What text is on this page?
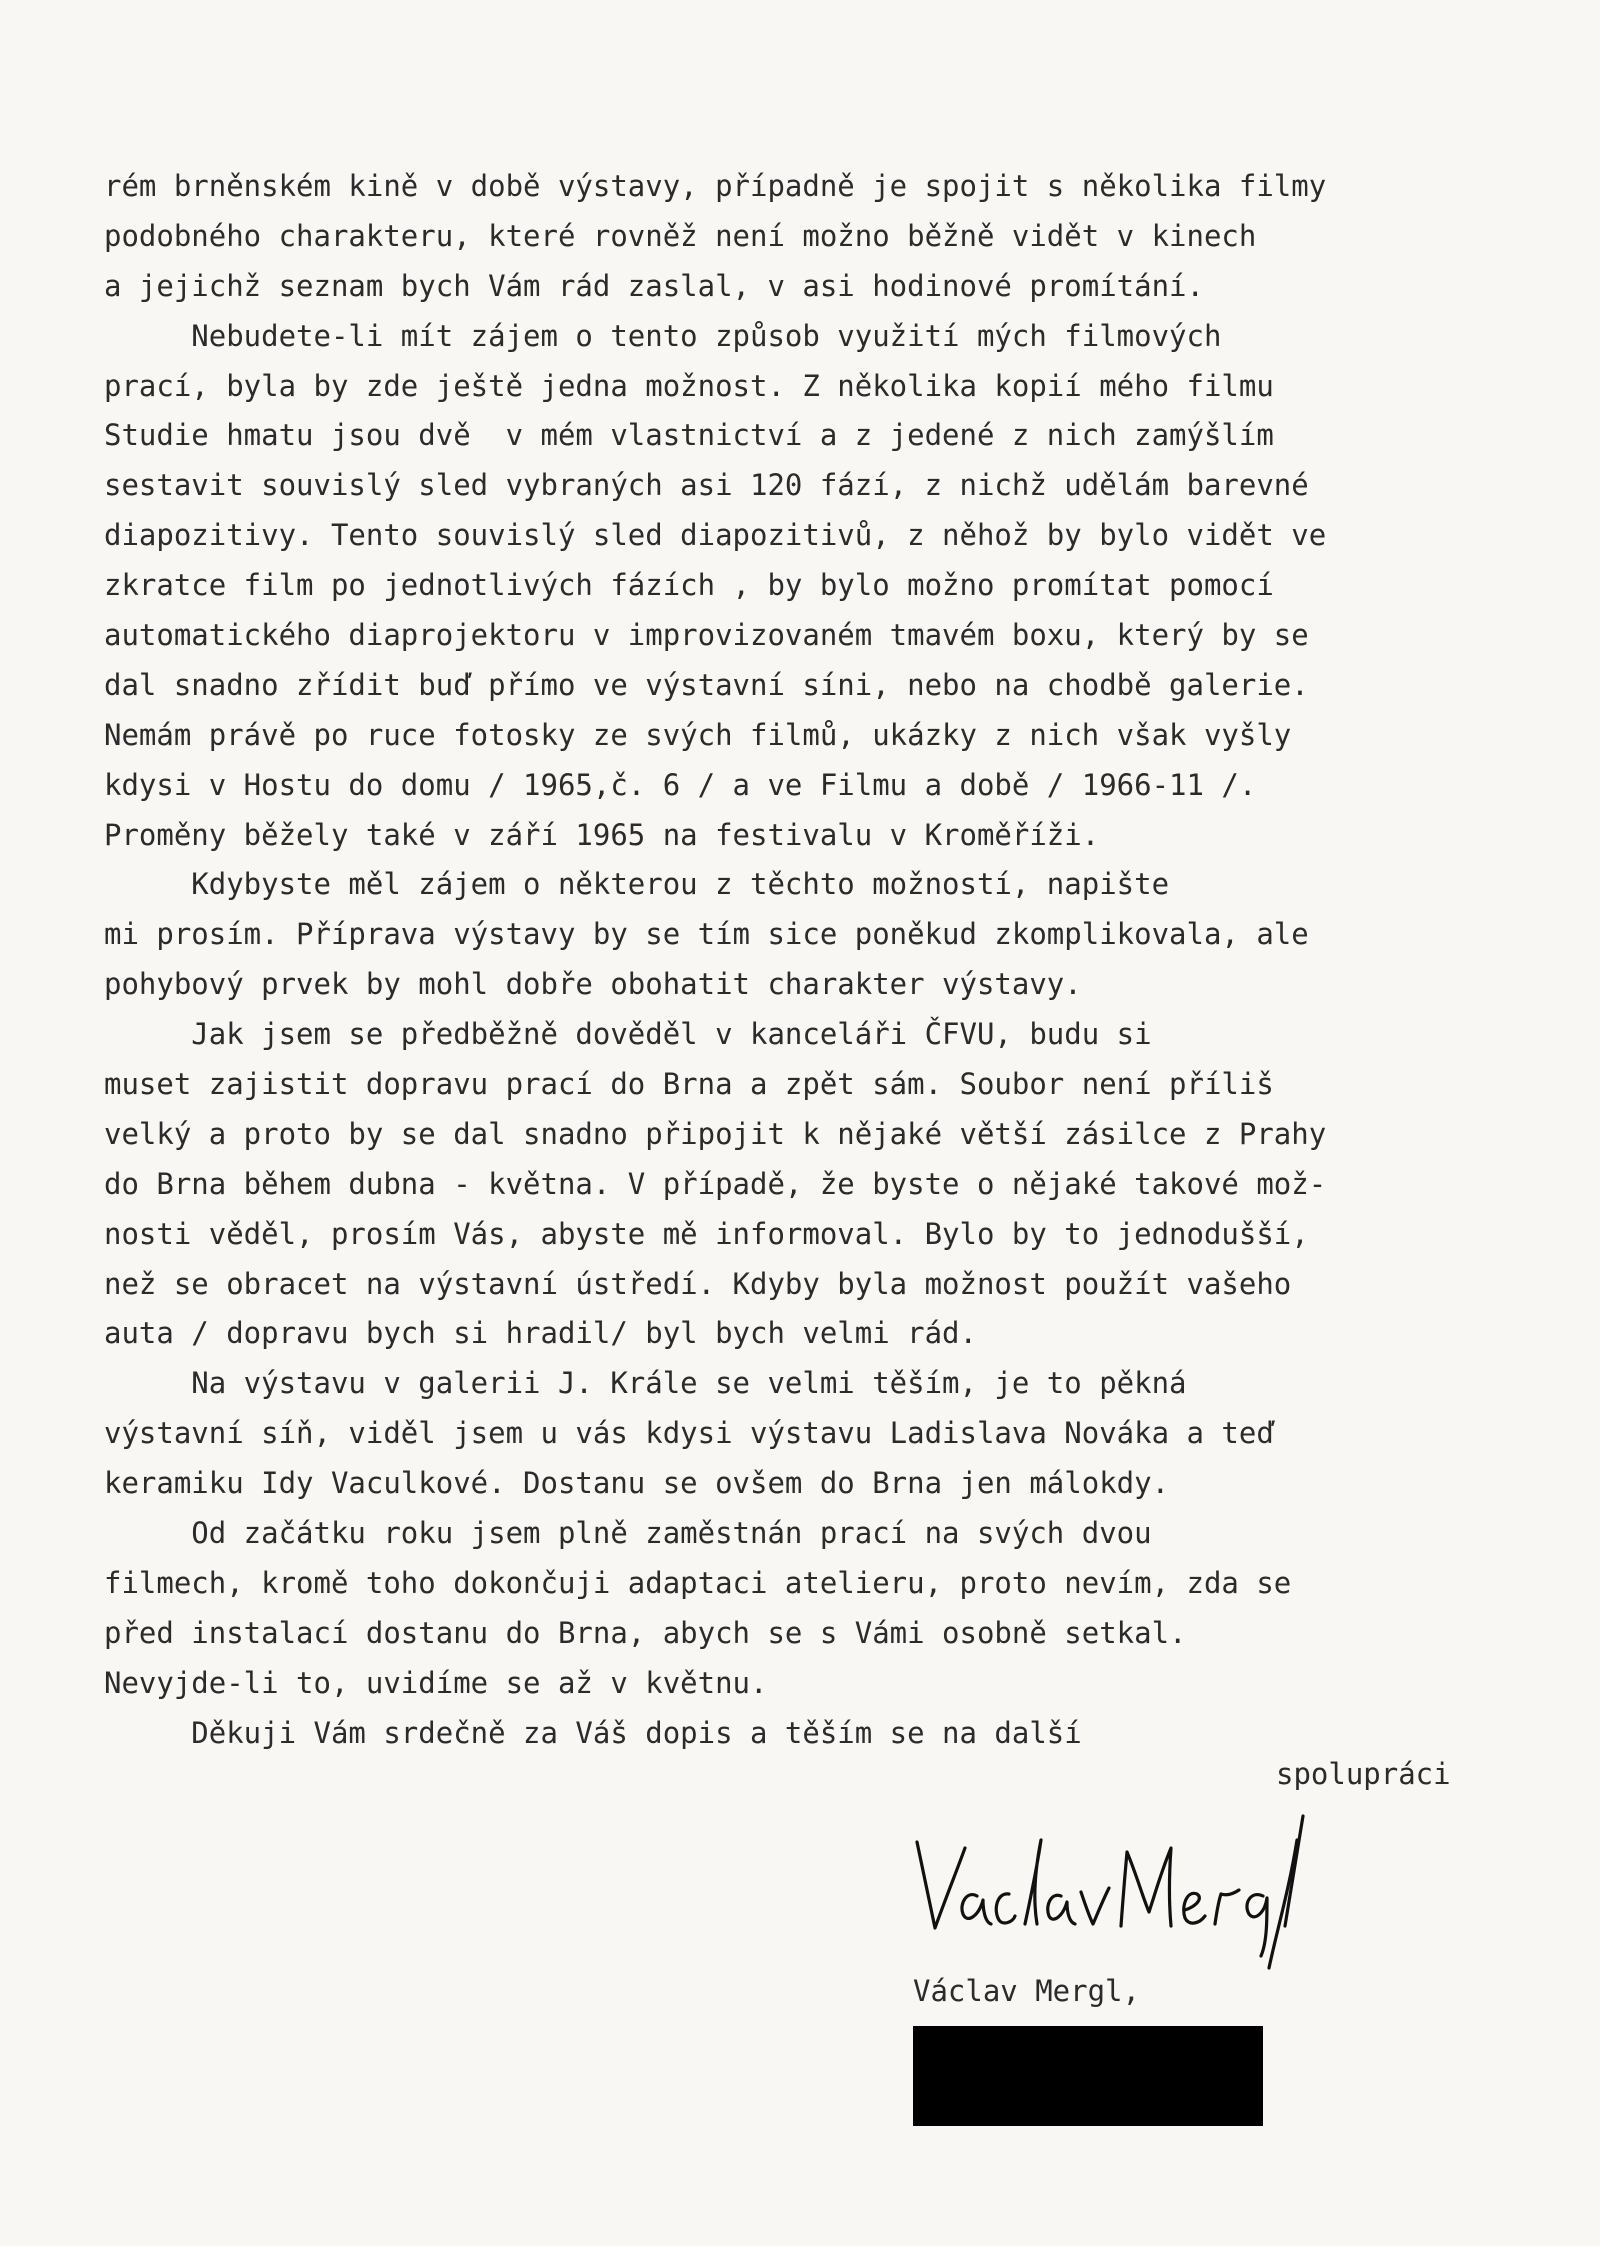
rém brněnském kině v době výstavy, případně je spojit s několika filmy
podobného charakteru, které rovněž není možno běžně vidět v kinech
a jejichž seznam bych Vám rád zaslal, v asi hodinové promítání.
Nebudete-li mít zájem o tento způsob využití mých filmových
prací, byla by zde ještě jedna možnost. Z několika kopií mého filmu
Studie hmatu jsou dvě  v mém vlastnictví a z jedené z nich zamýšlím
sestavit souvislý sled vybraných asi 120 fází, z nichž udělám barevné
diapozitivy. Tento souvislý sled diapozitivů, z něhož by bylo vidět ve
zkratce film po jednotlivých fázích , by bylo možno promítat pomocí
automatického diaprojektoru v improvizovaném tmavém boxu, který by se
dal snadno zřídit buď přímo ve výstavní síni, nebo na chodbě galerie.
Nemám právě po ruce fotosky ze svých filmů, ukázky z nich však vyšly
kdysi v Hostu do domu / 1965,č. 6 / a ve Filmu a době / 1966-11 /.
Proměny běžely také v září 1965 na festivalu v Kroměříži.
Kdybyste měl zájem o některou z těchto možností, napište
mi prosím. Příprava výstavy by se tím sice poněkud zkomplikovala, ale
pohybový prvek by mohl dobře obohatit charakter výstavy.
Jak jsem se předběžně dověděl v kanceláři ČFVU, budu si
muset zajistit dopravu prací do Brna a zpět sám. Soubor není příliš
velký a proto by se dal snadno připojit k nějaké větší zásilce z Prahy
do Brna během dubna - května. V případě, že byste o nějaké takové mož-
nosti věděl, prosím Vás, abyste mě informoval. Bylo by to jednodušší,
než se obracet na výstavní ústředí. Kdyby byla možnost použít vašeho
auta / dopravu bych si hradil/ byl bych velmi rád.
Na výstavu v galerii J. Krále se velmi těším, je to pěkná
výstavní síň, viděl jsem u vás kdysi výstavu Ladislava Nováka a teď
keramiku Idy Vaculkové. Dostanu se ovšem do Brna jen málokdy.
Od začátku roku jsem plně zaměstnán prací na svých dvou
filmech, kromě toho dokončuji adaptaci atelieru, proto nevím, zda se
před instalací dostanu do Brna, abych se s Vámi osobně setkal.
Nevyjde-li to, uvidíme se až v květnu.
Děkuji Vám srdečně za Váš dopis a těším se na další
spolupráci
Václav Mergl
Václav Mergl,
